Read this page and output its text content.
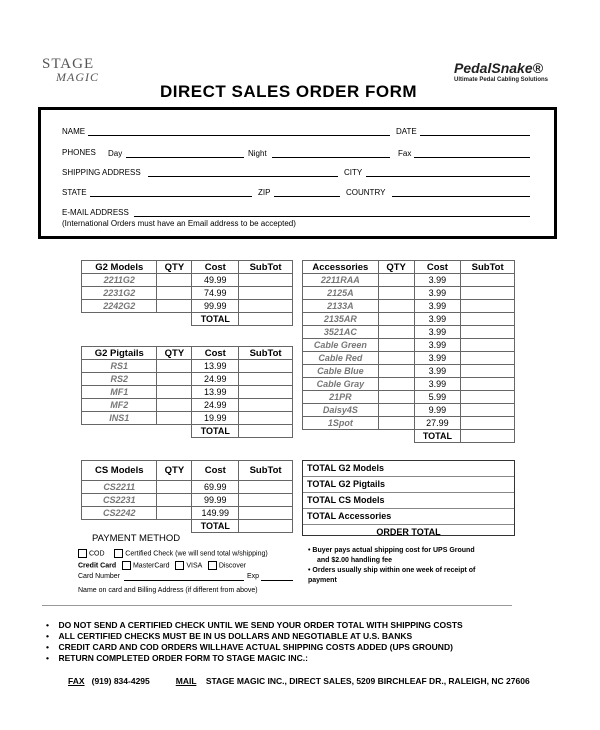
STAGE
MAGIC
PedalSnake®
Ultimate Pedal Cabling Solutions
DIRECT SALES ORDER FORM
NAME	DATE
PHONES Day	Night	Fax
SHIPPING ADDRESS	CITY
STATE	ZIP	COUNTRY
E-MAIL ADDRESS
(International Orders must have an Email address to be accepted)
G2 Models	QTY	Cost	SubTot
2211G2		49.99	
2231G2		74.99	
2242G2		99.99	
		TOTAL	
G2 Pigtails	QTY	Cost	SubTot
RS1		13.99	
RS2		24.99	
MF1		13.99	
MF2		24.99	
INS1		19.99	
		TOTAL	
CS Models	QTY	Cost	SubTot
CS2211		69.99	
CS2231		99.99	
CS2242		149.99	
		TOTAL	
Accessories	QTY	Cost	SubTot
2211RAA		3.99	
2125A		3.99	
2133A		3.99	
2135AR		3.99	
3521AC		3.99	
Cable Green		3.99	
Cable Red		3.99	
Cable Blue		3.99	
Cable Gray		3.99	
21PR		5.99	
Daisy4S		9.99	
1Spot		27.99	
		TOTAL	
TOTAL G2 Models
TOTAL G2 Pigtails
TOTAL CS Models
TOTAL Accessories
ORDER TOTAL
PAYMENT METHOD
COD	Certified Check (we will send total w/shipping)
Credit Card MasterCard VISA Discover
Card Number	Exp
Name on card and Billing Address (if different from above)
• Buyer pays actual shipping cost for UPS Ground
and $2.00 handling fee
• Orders usually ship within one week of receipt of
payment
•    DO NOT SEND A CERTIFIED CHECK UNTIL WE SEND YOUR ORDER TOTAL WITH SHIPPING COSTS
•    ALL CERTIFIED CHECKS MUST BE IN US DOLLARS AND NEGOTIABLE AT U.S. BANKS
•    CREDIT CARD AND COD ORDERS WILLHAVE ACTUAL SHIPPING COSTS ADDED (UPS GROUND)
•    RETURN COMPLETED ORDER FORM TO STAGE MAGIC INC.:
FAX (919) 834-4295	MAIL STAGE MAGIC INC., DIRECT SALES, 5209 BIRCHLEAF DR., RALEIGH, NC 27606
